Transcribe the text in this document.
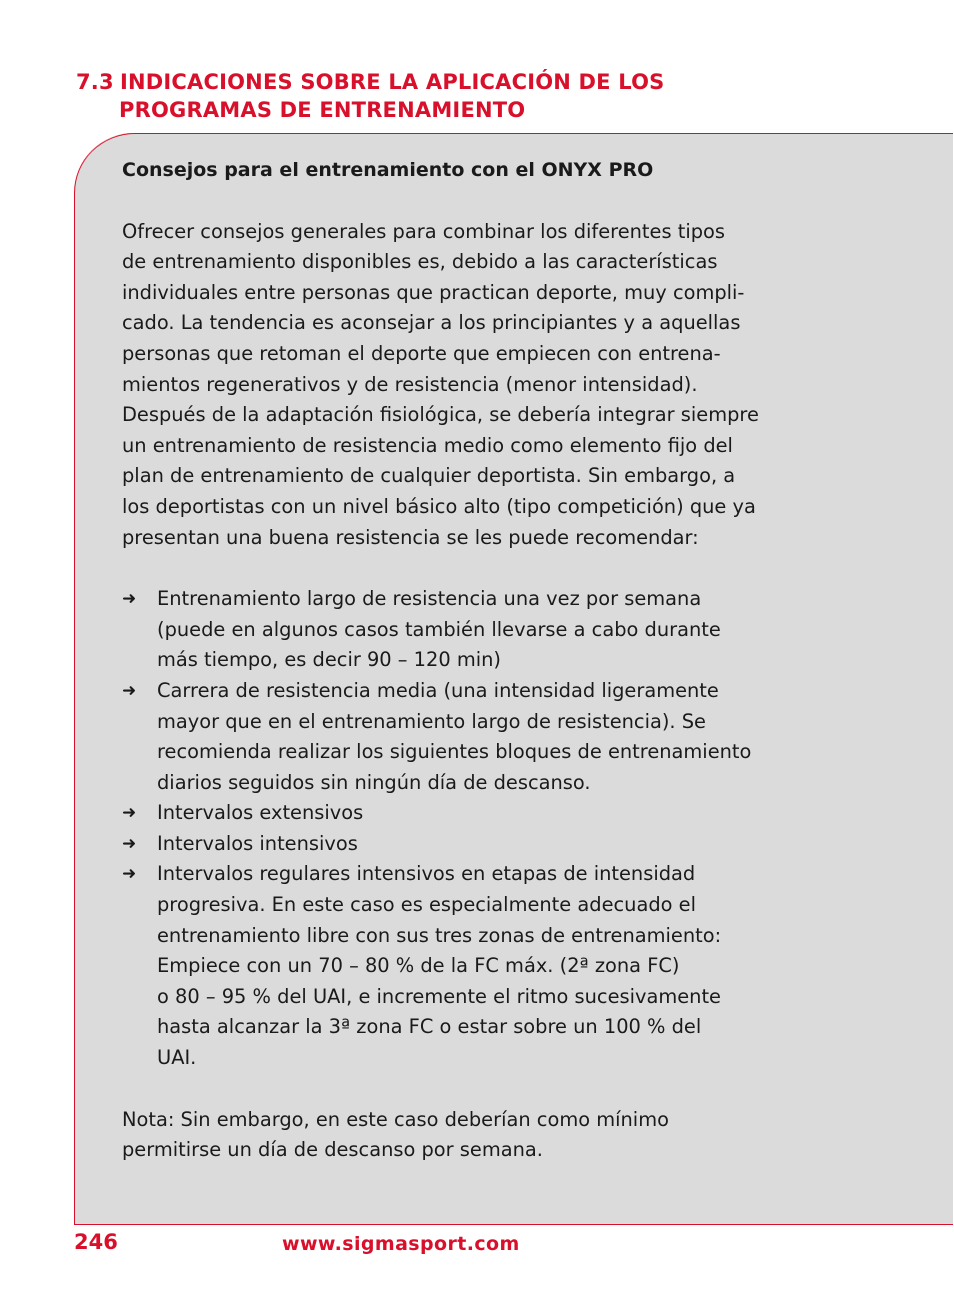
7.3 INDICACIONES SOBRE LA APLICACIÓN DE LOS
PROGRAMAS DE ENTRENAMIENTO

Consejos para el entrenamiento con el ONYX PRO

Ofrecer consejos generales para combinar los diferentes tipos
de entrenamiento disponibles es, debido a las características
individuales entre personas que practican deporte, muy compli-
cado. La tendencia es aconsejar a los principiantes y a aquellas
personas que retoman el deporte que empiecen con entrena-
mientos regenerativos y de resistencia (menor intensidad).
Después de la adaptación fisiológica, se debería integrar siempre
un entrenamiento de resistencia medio como elemento fijo del
plan de entrenamiento de cualquier deportista. Sin embargo, a
los deportistas con un nivel básico alto (tipo competición) que ya
presentan una buena resistencia se les puede recomendar:
➜ Entrenamiento largo de resistencia una vez por semana
(puede en algunos casos también llevarse a cabo durante
más tiempo, es decir 90 – 120 min)
➜ Carrera de resistencia media (una intensidad ligeramente
mayor que en el entrenamiento largo de resistencia). Se
recomienda realizar los siguientes bloques de entrenamiento
diarios seguidos sin ningún día de descanso.
➜ Intervalos extensivos
➜ Intervalos intensivos
➜ Intervalos regulares intensivos en etapas de intensidad
progresiva. En este caso es especialmente adecuado el
entrenamiento libre con sus tres zonas de entrenamiento:
Empiece con un 70 – 80 % de la FC máx. (2ª zona FC)
o 80 – 95 % del UAI, e incremente el ritmo sucesivamente
hasta alcanzar la 3ª zona FC o estar sobre un 100 % del
UAI.
Nota: Sin embargo, en este caso deberían como mínimo
permitirse un día de descanso por semana.
246	www.sigmasport.com
